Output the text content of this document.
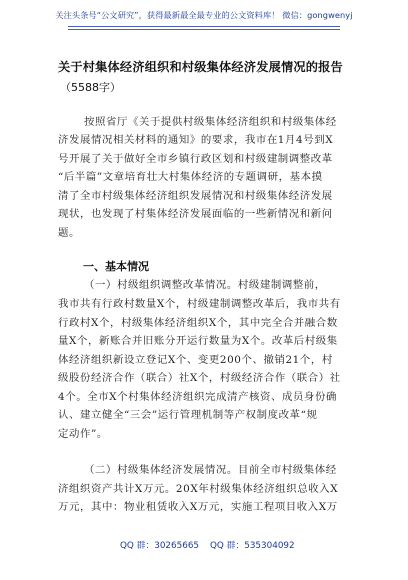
关注头条号“公文研究”，获得最新最全最专业的公文资料库！ 微信：gongwenyj
关于村集体经济组织和村级集体经济发展情况的报告
（5588字）
按照省厅《关于提供村级集体经济组织和村级集体经
济发展情况相关材料的通知》的要求，我市在1月4号到X
号开展了关于做好全市乡镇行政区划和村级建制调整改革
“后半篇”文章培育壮大村集体经济的专题调研，基本摸
清了全市村级集体经济组织发展情况和村级集体经济发展
现状，也发现了村集体经济发展面临的一些新情况和新问
题。
一、基本情况
（一）村级组织调整改革情况。村级建制调整前，
我市共有行政村数量X个，村级建制调整改革后，我市共有
行政村X个，村级集体经济组织X个，其中完全合并融合数
量X个，新账合并旧账分开运行数量为X个。改革后村级集
体经济组织新设立登记X个、变更200个、撤销21个，村
级股份经济合作（联合）社X个，村级经济合作（联合）社
4个。全市X个村集体经济组织完成清产核资、成员身份确
认、建立健全“三会”运行管理机制等产权制度改革“规
定动作”。
（二）村级集体经济发展情况。目前全市村级集体经
济组织资产共计X万元。20X年村级集体经济组织总收入X
万元，其中：物业租赁收入X万元，实施工程项目收入X万
QQ 群：30265665 QQ 群：535304092
